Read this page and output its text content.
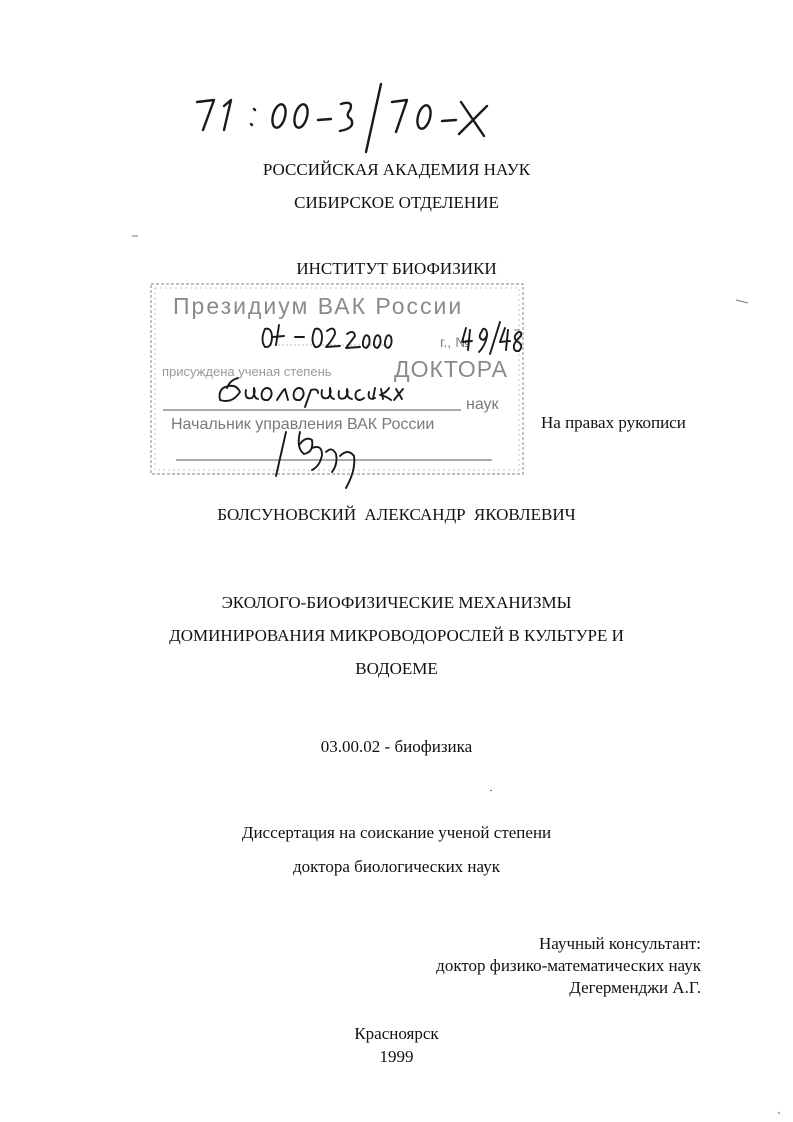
РОССИЙСКАЯ АКАДЕМИЯ НАУК
СИБИРСКОЕ ОТДЕЛЕНИЕ
ИНСТИТУТ БИОФИЗИКИ
Президиум ВАК России
г., №
присуждена ученая степень	ДОКТОРА
наук
Начальник управления ВАК России	На правах рукописи
БОЛСУНОВСКИЙ АЛЕКСАНДР ЯКОВЛЕВИЧ
ЭКОЛОГО-БИОФИЗИЧЕСКИЕ МЕХАНИЗМЫ
ДОМИНИРОВАНИЯ МИКРОВОДОРОСЛЕЙ В КУЛЬТУРЕ И
ВОДОЕМЕ
03.00.02 - биофизика
Диссертация на соискание ученой степени
доктора биологических наук
Научный консультант:
доктор физико-математических наук
Дегерменджи А.Г.
Красноярск
1999
